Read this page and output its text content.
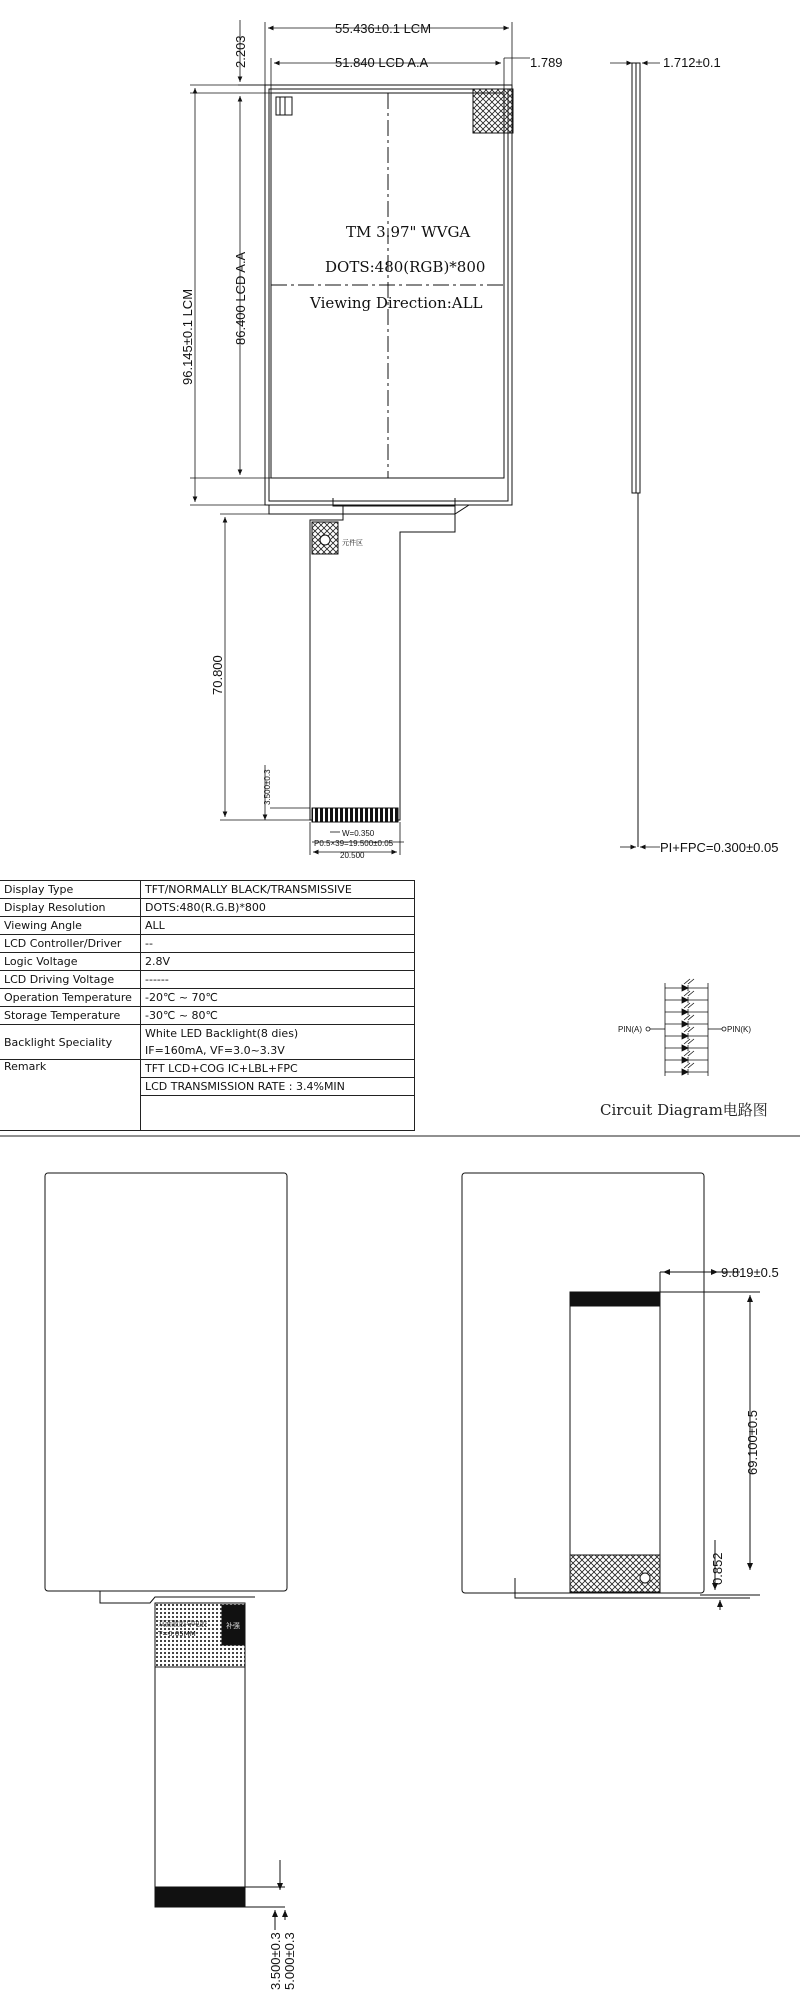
55.436±0.1 LCM
51.840 LCD A.A	1.789	1.712±0.1
PI+FPC=0.300±0.05
2.203
96.145±0.1 LCM	86.400 LCD A.A
70.800
3.500±0.3
W=0.350
P0.5×39=19.500±0.05
20.500
元件区
TM 3.97" WVGA
DOTS:480(RGB)*800
Viewing Direction:ALL
PIN(A)	PIN(K)
Circuit Diagram电路图
双面散胶导电胶
T=0.05MM
补强
3.500±0.3 5.000±0.3
9.819±0.5
69.100±0.5
0.852
Display Type	TFT/NORMALLY BLACK/TRANSMISSIVE
Display Resolution	DOTS:480(R.G.B)*800
Viewing Angle	ALL
LCD Controller/Driver	--
Logic Voltage	2.8V
LCD Driving Voltage	------
Operation Temperature	-20℃ ~ 70℃
Storage Temperature	-30℃ ~ 80℃
Backlight Speciality	White LED Backlight(8 dies)
	IF=160mA, VF=3.0~3.3V
Remark	TFT LCD+COG IC+LBL+FPC
	LCD TRANSMISSION RATE : 3.4%MIN
